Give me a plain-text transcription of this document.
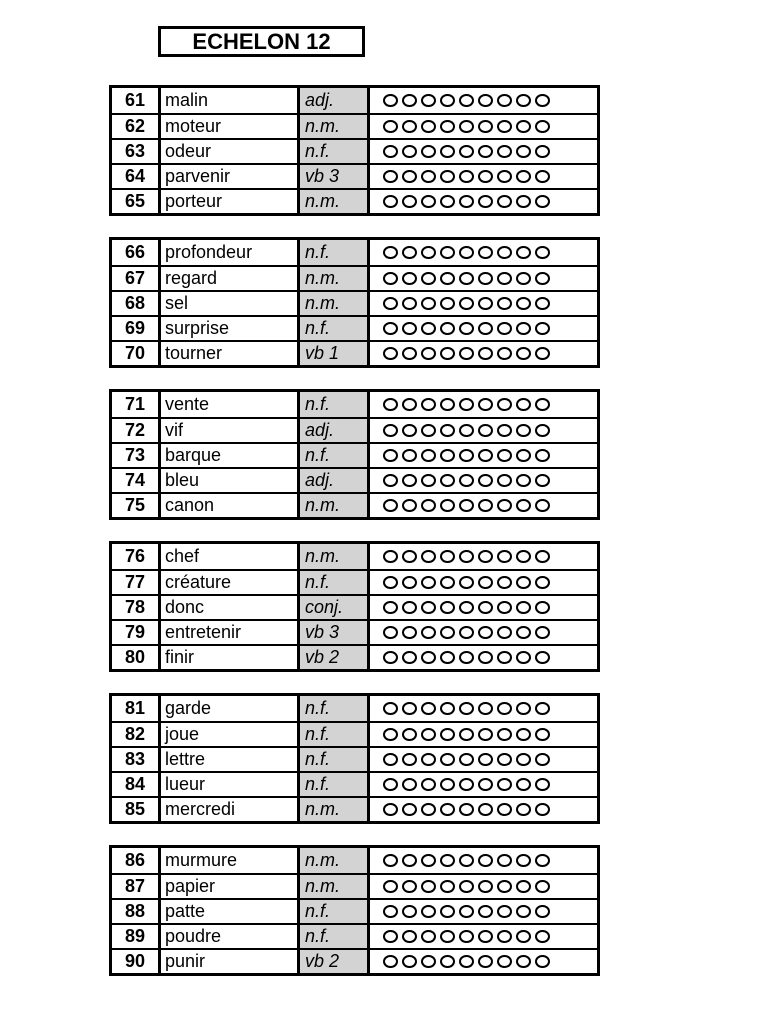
ECHELON 12
61	malin	adj.
62	moteur	n.m.
63	odeur	n.f.
64	parvenir	vb 3
65	porteur	n.m.
66	profondeur	n.f.
67	regard	n.m.
68	sel	n.m.
69	surprise	n.f.
70	tourner	vb 1
71	vente	n.f.
72	vif	adj.
73	barque	n.f.
74	bleu	adj.
75	canon	n.m.
76	chef	n.m.
77	créature	n.f.
78	donc	conj.
79	entretenir	vb 3
80	finir	vb 2
81	garde	n.f.
82	joue	n.f.
83	lettre	n.f.
84	lueur	n.f.
85	mercredi	n.m.
86	murmure	n.m.
87	papier	n.m.
88	patte	n.f.
89	poudre	n.f.
90	punir	vb 2
